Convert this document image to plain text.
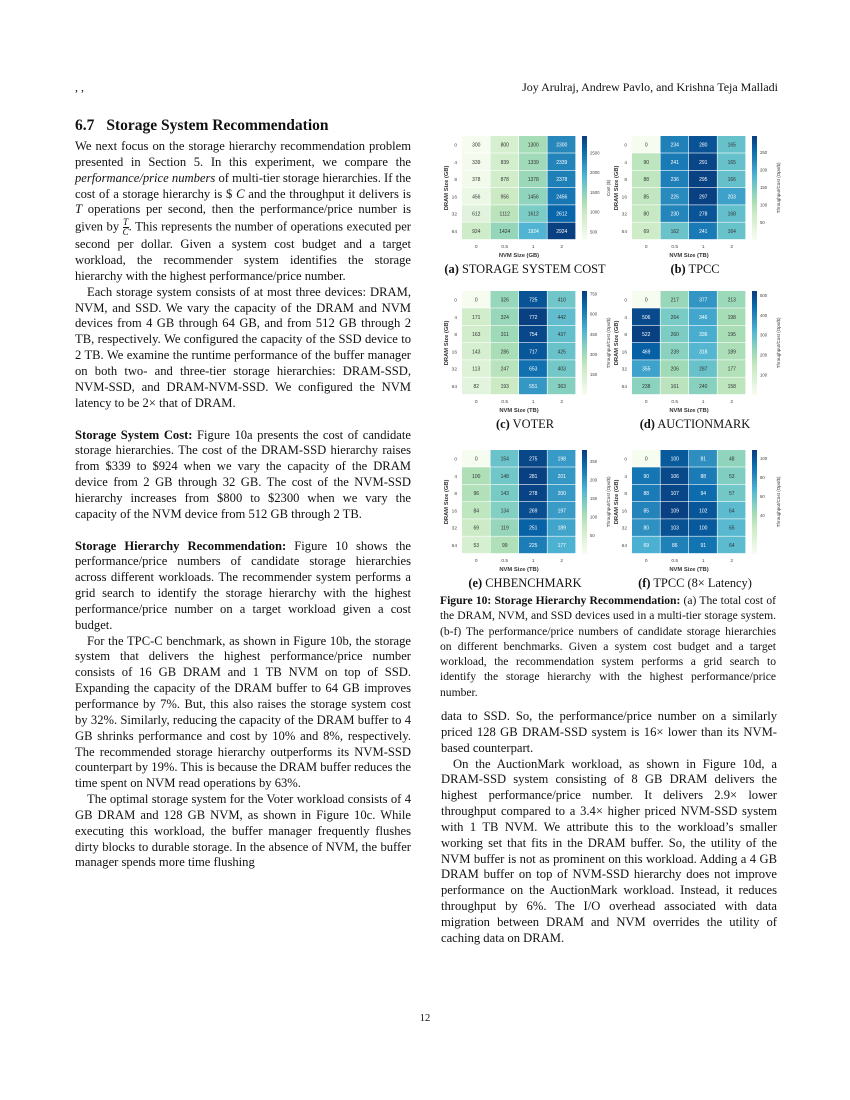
, ,	Joy Arulraj, Andrew Pavlo, and Krishna Teja Malladi
6.7 Storage System Recommendation

We next focus on the storage hierarchy recommendation problem presented in Section 5. In this experiment, we compare the performance/price numbers of multi-tier storage hierarchies. If the cost of a storage hierarchy is $ C and the throughput it delivers is T operations per second, then the performance/price number is given by $\frac{T}{C}$ . This represents the number of operations executed per second per dollar. Given a system cost budget and a target workload, the recommender system identifies the storage hierarchy with the highest performance/price number.

Each storage system consists of at most three devices: DRAM, NVM, and SSD. We vary the capacity of the DRAM and NVM devices from 4 GB through 64 GB, and from 512 GB through 2 TB, respectively. We configured the capacity of the SSD device to 2 TB. We examine the runtime performance of the buffer manager on both two- and three-tier storage hierarchies: DRAM-SSD, NVM-SSD, and DRAM-NVM-SSD. We configured the NVM latency to be 2× that of DRAM.

Storage System Cost: Figure 10a presents the cost of candidate storage hierarchies. The cost of the DRAM-SSD hierarchy raises from $339 to $924 when we vary the capacity of the DRAM device from 2 GB through 32 GB. The cost of the NVM-SSD hierarchy increases from $800 to $2300 when we vary the capacity of the NVM device from 512 GB through 2 TB.

Storage Hierarchy Recommendation: Figure 10 shows the performance/price numbers of candidate storage hierarchies across different workloads. The recommender system performs a grid search to identify the storage hierarchy with the highest performance/price number on a target workload given a cost budget.

For the TPC-C benchmark, as shown in Figure 10b, the storage system that delivers the highest performance/price number consists of 16 GB DRAM and 1 TB NVM on top of SSD. Expanding the capacity of the DRAM buffer to 64 GB improves performance by 7%. But, this also raises the storage system cost by 32%. Similarly, reducing the capacity of the DRAM buffer to 4 GB shrinks performance and cost by 10% and 8%, respectively. The recommended storage hierarchy outperforms its NVM-SSD counterpart by 19%. This is because the DRAM buffer reduces the time spent on NVM read operations by 63%.

The optimal storage system for the Voter workload consists of 4 GB DRAM and 128 GB NVM, as shown in Figure 10c. While executing this workload, the buffer manager frequently flushes dirty blocks to durable storage. In the absence of NVM, the buffer manager spends more time flushing

0	300	800	1300	2300
4	339	839	1339	2339
8	378	878	1378	2378
16	456	956	1456	2456
32	612	1112	1612	2612
64	924	1424	1924	2924
0	0.5	1	2
NVM Size (GB)
DRAM Size (GB)
500
1000
1500
2000
2500
Cost ($)
(a) STORAGE SYSTEM COST
0	0	234	280	165
4	90	241	291	165
8	88	236	295	166
16	85	225	297	203
32	80	230	278	168
64	69	162	241	164
0	0.5	1	2
NVM Size (TB)
DRAM Size (GB)
50
100
150
200
250
Throughput/Cost (Ops/$)
(b) TPCC
0	0	326	725	410
4	171	324	772	442
8	163	311	754	437
16	143	286	717	425
32	113	247	653	403
64	82	193	551	363
0	0.5	1	2
NVM Size (TB)
DRAM Size (GB)
150
300
450
600
750
Throughput/Cost (Ops/$)
(c) VOTER
0	0	217	377	213
4	506	264	346	198
8	522	260	336	195
16	469	239	318	189
32	355	206	287	177
64	238	161	240	158
0	0.5	1	2
NVM Size (TB)
DRAM Size (GB)
100
200
300
400
500
Throughput/Cost (Ops/$)
(d) AUCTIONMARK
0	0	154	275	198
4	100	148	281	201
8	96	143	278	200
16	84	134	269	197
32	69	119	251	189
64	53	99	225	177
0	0.5	1	2
NVM Size (TB)
DRAM Size (GB)
50
100
150
200
250
Throughput/Cost (Ops/$)
(e) CHBENCHMARK
0	0	100	81	48
4	90	106	88	53
8	88	107	94	57
16	85	109	102	64
32	80	103	100	65
64	69	86	91	64
0	0.5	1	2
NVM Size (TB)
DRAM Size (GB)	40
60
80
100
Throughput/Cost (Ops/$)
(f) TPCC (8× Latency)
Figure 10: Storage Hierarchy Recommendation: (a) The total cost of the DRAM, NVM, and SSD devices used in a multi-tier storage system. (b-f) The performance/price numbers of candidate storage hierarchies on different benchmarks. Given a system cost budget and a target workload, the recommendation system performs a grid search to identify the storage hierarchy with the highest performance/price number.

data to SSD. So, the performance/price number on a similarly priced 128 GB DRAM-SSD system is 16× lower than its NVM-based counterpart.

On the AuctionMark workload, as shown in Figure 10d, a DRAM-SSD system consisting of 8 GB DRAM delivers the highest performance/price number. It delivers 2.9× lower throughput compared to a 3.4× higher priced NVM-SSD system with 1 TB NVM. We attribute this to the workload’s smaller working set that fits in the DRAM buffer. So, the utility of the NVM buffer is not as prominent on this workload. Adding a 4 GB DRAM buffer on top of NVM-SSD hierarchy does not improve performance on the AuctionMark workload. Instead, it reduces throughput by 6%. The I/O overhead associated with data migration between DRAM and NVM overrides the utility of caching data on DRAM.

12
